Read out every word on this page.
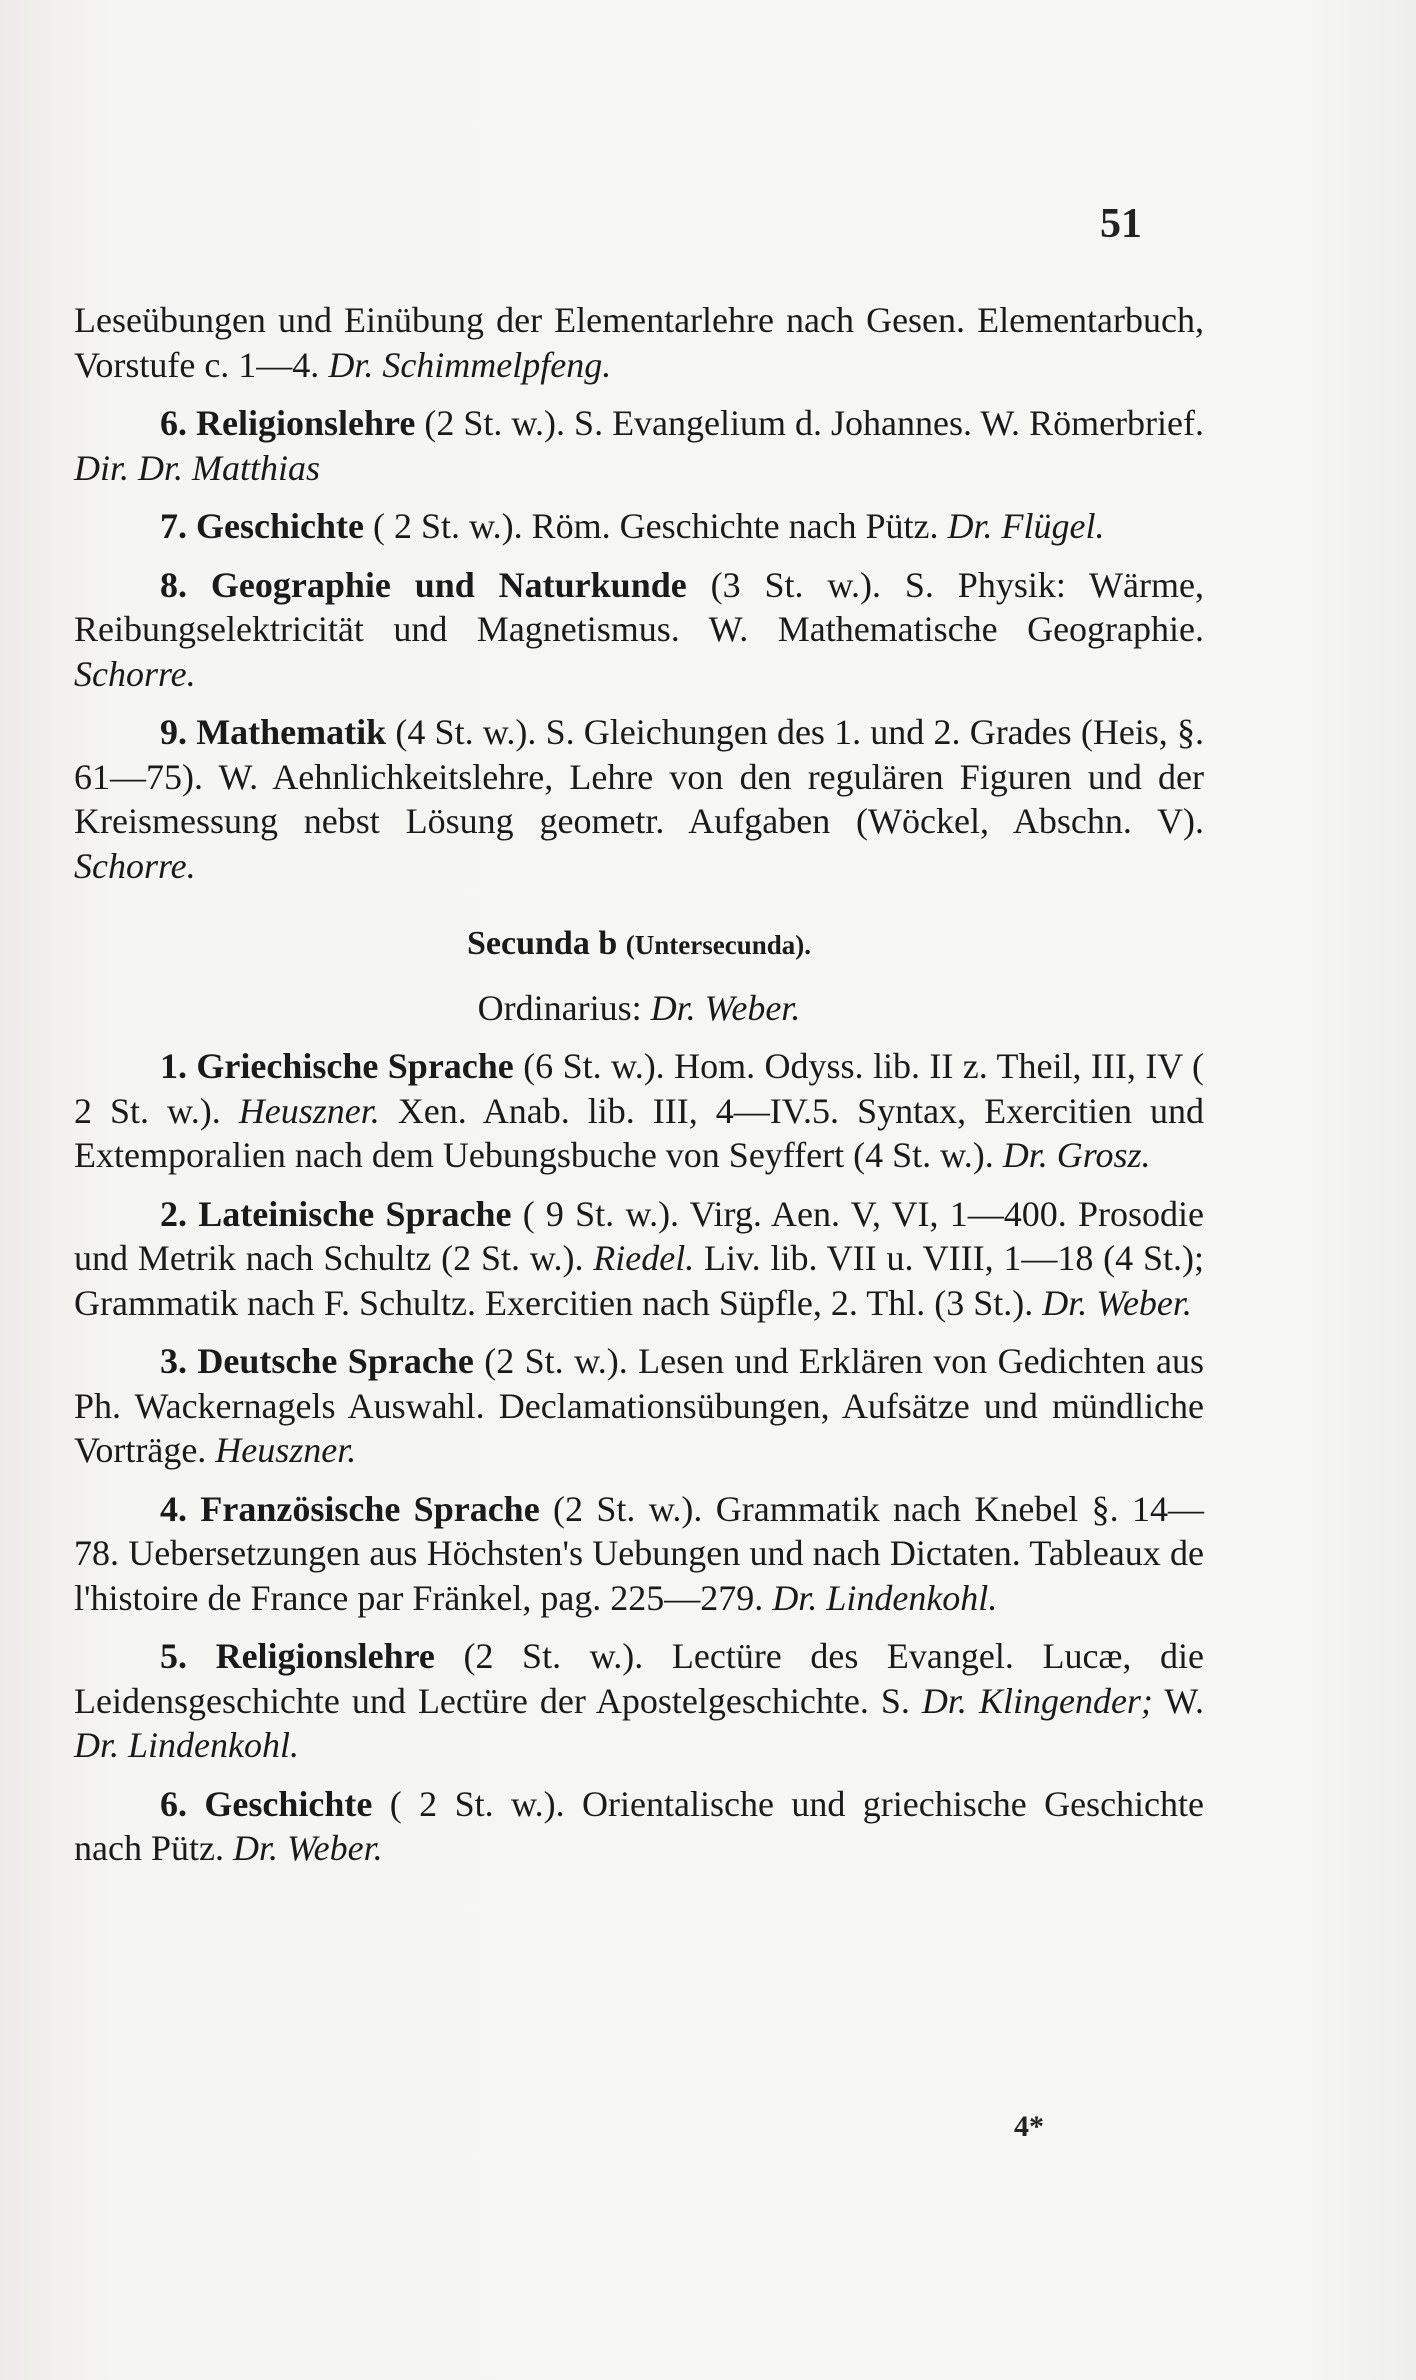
51

Leseübungen und Einübung der Elementarlehre nach Gesen. Elementarbuch, Vorstufe c. 1—4. Dr. Schimmelpfeng.

6. Religionslehre (2 St. w.). S. Evangelium d. Johannes. W. Römerbrief. Dir. Dr. Matthias

7. Geschichte ( 2 St. w.). Röm. Geschichte nach Pütz. Dr. Flügel.

8. Geographie und Naturkunde (3 St. w.). S. Physik: Wärme, Reibungselektricität und Magnetismus. W. Mathematische Geographie. Schorre.

9. Mathematik (4 St. w.). S. Gleichungen des 1. und 2. Grades (Heis, §. 61—75). W. Aehnlichkeitslehre, Lehre von den regulären Figuren und der Kreismessung nebst Lösung geometr. Aufgaben (Wöckel, Abschn. V). Schorre.

Secunda b (Untersecunda).
Ordinarius: Dr. Weber.

1. Griechische Sprache (6 St. w.). Hom. Odyss. lib. II z. Theil, III, IV ( 2 St. w.). Heuszner. Xen. Anab. lib. III, 4—IV.5. Syntax, Exercitien und Extemporalien nach dem Uebungsbuche von Seyffert (4 St. w.). Dr. Grosz.

2. Lateinische Sprache ( 9 St. w.). Virg. Aen. V, VI, 1—400. Prosodie und Metrik nach Schultz (2 St. w.). Riedel. Liv. lib. VII u. VIII, 1—18 (4 St.); Grammatik nach F. Schultz. Exercitien nach Süpfle, 2. Thl. (3 St.). Dr. Weber.

3. Deutsche Sprache (2 St. w.). Lesen und Erklären von Gedichten aus Ph. Wackernagels Auswahl. Declamationsübungen, Aufsätze und mündliche Vorträge. Heuszner.

4. Französische Sprache (2 St. w.). Grammatik nach Knebel §. 14—78. Uebersetzungen aus Höchsten's Uebungen und nach Dictaten. Tableaux de l'histoire de France par Fränkel, pag. 225—279. Dr. Lindenkohl.

5. Religionslehre (2 St. w.). Lectüre des Evangel. Lucæ, die Leidensgeschichte und Lectüre der Apostelgeschichte. S. Dr. Klingender; W. Dr. Lindenkohl.

6. Geschichte ( 2 St. w.). Orientalische und griechische Geschichte nach Pütz. Dr. Weber.

4*
